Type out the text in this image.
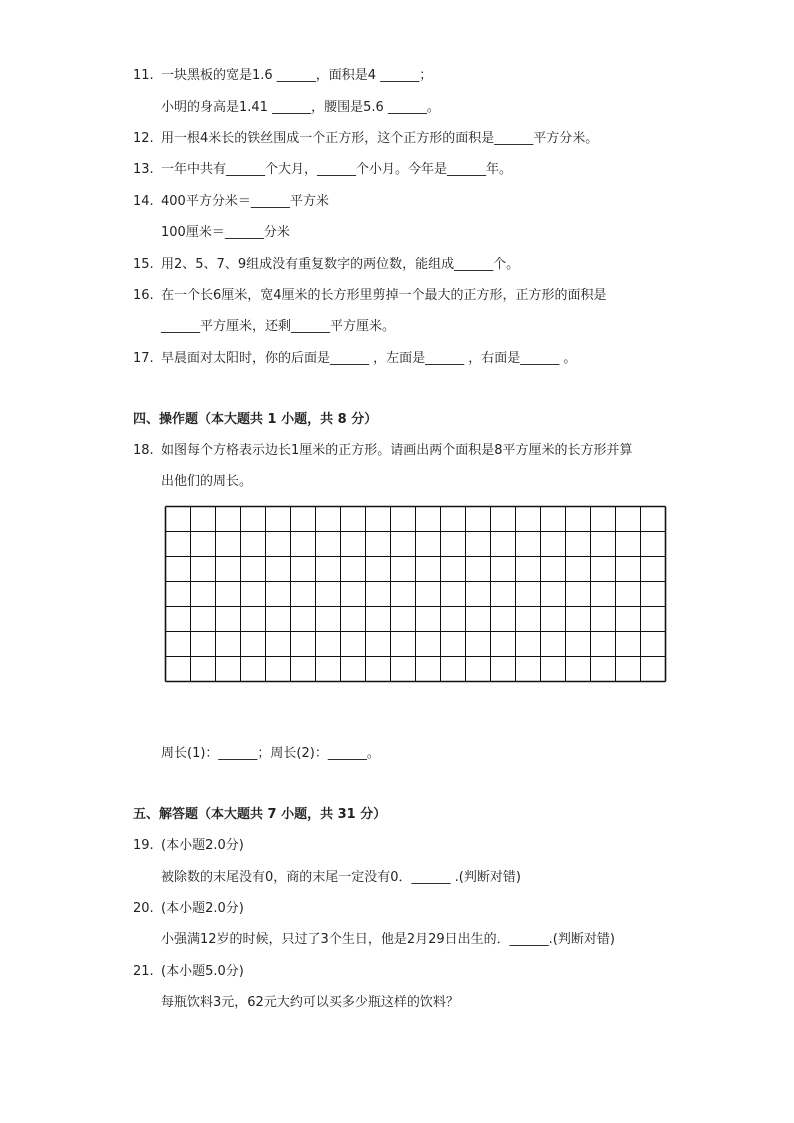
11. 一块黑板的宽是1.6 ______，面积是4 ______；
小明的身高是1.41 ______，腰围是5.6 ______。
12. 用一根4米长的铁丝围成一个正方形，这个正方形的面积是______平方分米。
13. 一年中共有______个大月，______个小月。今年是______年。
14. 400平方分米＝______平方米
100厘米＝______分米
15. 用2、5、7、9组成没有重复数字的两位数，能组成______个。
16. 在一个长6厘米，宽4厘米的长方形里剪掉一个最大的正方形，正方形的面积是
______平方厘米，还剩______平方厘米。
17. 早晨面对太阳时，你的后面是______ ，左面是______ ，右面是______ 。
四、操作题（本大题共 1 小题，共 8 分）
18. 如图每个方格表示边长1厘米的正方形。请画出两个面积是8平方厘米的长方形并算
出他们的周长。
周长(1)：______；周长(2)：______。
五、解答题（本大题共 7 小题，共 31 分）
19. (本小题2.0分)
被除数的末尾没有0，商的末尾一定没有0．______ .(判断对错)
20. (本小题2.0分)
小强满12岁的时候，只过了3个生日，他是2月29日出生的．______.(判断对错)
21. (本小题5.0分)
每瓶饮料3元，62元大约可以买多少瓶这样的饮料？
